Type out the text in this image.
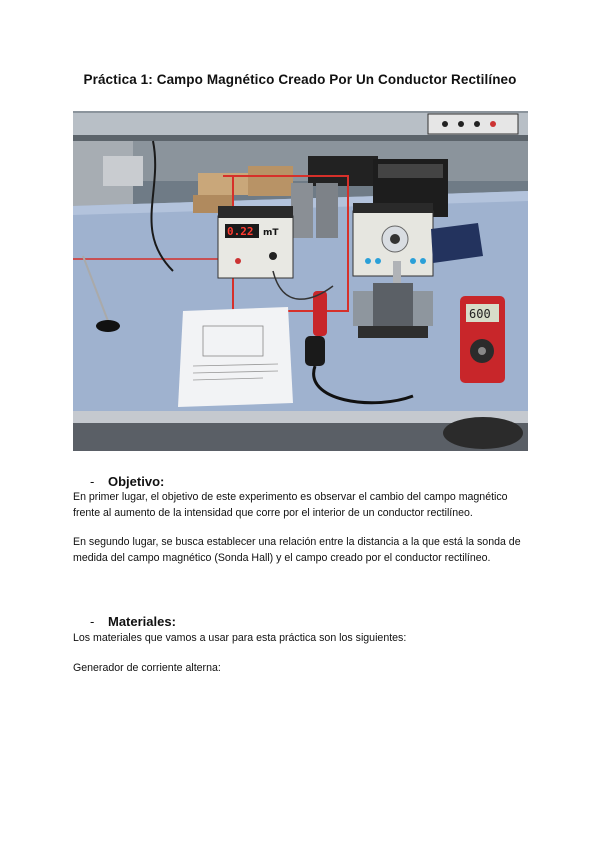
Práctica 1: Campo Magnético Creado Por Un Conductor Rectilíneo
0.22 mT
600
- Objetivo:
En primer lugar, el objetivo de este experimento es observar el cambio del campo magnético frente al aumento de la intensidad que corre por el interior de un conductor rectilíneo.
En segundo lugar, se busca establecer una relación entre la distancia a la que está la sonda de medida del campo magnético (Sonda Hall) y el campo creado por el conductor rectilíneo.
- Materiales:
Los materiales que vamos a usar para esta práctica son los siguientes:
Generador de corriente alterna:
